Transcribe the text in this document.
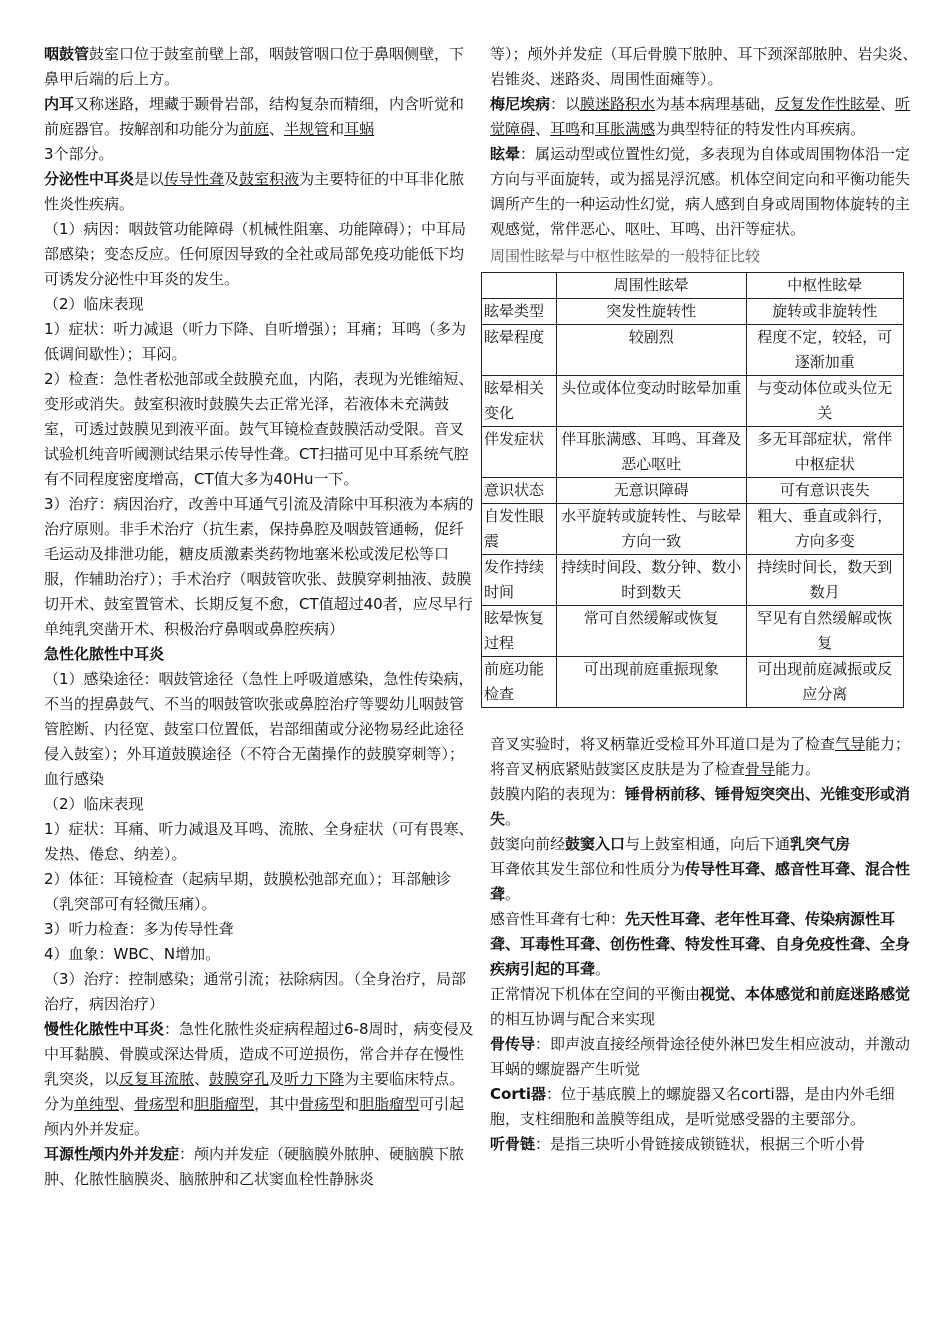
咽鼓管鼓室口位于鼓室前壁上部，咽鼓管咽口位于鼻咽侧壁，下鼻甲后端的后上方。

内耳又称迷路，埋藏于颞骨岩部，结构复杂而精细，内含听觉和前庭器官。按解剖和功能分为前庭、半规管和耳蜗
3个部分。

分泌性中耳炎是以传导性聋及鼓室积液为主要特征的中耳非化脓性炎性疾病。

（1）病因：咽鼓管功能障碍（机械性阻塞、功能障碍）；中耳局部感染；变态反应。任何原因导致的全社或局部免疫功能低下均可诱发分泌性中耳炎的发生。

（2）临床表现

1）症状：听力减退（听力下降、自听增强）；耳痛；耳鸣（多为低调间歇性）；耳闷。

2）检查：急性者松弛部或全鼓膜充血，内陷，表现为光锥缩短、变形或消失。鼓室积液时鼓膜失去正常光泽，若液体未充满鼓室，可透过鼓膜见到液平面。鼓气耳镜检查鼓膜活动受限。音叉试验机纯音听阈测试结果示传导性聋。CT扫描可见中耳系统气腔有不同程度密度增高，CT值大多为40Hu一下。

3）治疗：病因治疗，改善中耳通气引流及清除中耳积液为本病的治疗原则。非手术治疗（抗生素，保持鼻腔及咽鼓管通畅，促纤毛运动及排泄功能，糖皮质激素类药物地塞米松或泼尼松等口服，作辅助治疗）；手术治疗（咽鼓管吹张、鼓膜穿刺抽液、鼓膜切开术、鼓室置管术、长期反复不愈，CT值超过40者，应尽早行单纯乳突凿开术、积极治疗鼻咽或鼻腔疾病）

急性化脓性中耳炎

（1）感染途径：咽鼓管途径（急性上呼吸道感染，急性传染病，不当的捏鼻鼓气、不当的咽鼓管吹张或鼻腔治疗等婴幼儿咽鼓管管腔断、内径宽、鼓室口位置低，岩部细菌或分泌物易经此途径侵入鼓室）；外耳道鼓膜途径（不符合无菌操作的鼓膜穿刺等）；血行感染

（2）临床表现

1）症状：耳痛、听力减退及耳鸣、流脓、全身症状（可有畏寒、发热、倦怠、纳差）。

2）体征：耳镜检查（起病早期，鼓膜松弛部充血）；耳部触诊（乳突部可有轻微压痛）。

3）听力检查：多为传导性聋

4）血象：WBC、N增加。

（3）治疗：控制感染；通常引流；祛除病因。（全身治疗，局部治疗，病因治疗）

慢性化脓性中耳炎：急性化脓性炎症病程超过6-8周时，病变侵及中耳黏膜、骨膜或深达骨质，造成不可逆损伤，常合并存在慢性乳突炎，以反复耳流脓、鼓膜穿孔及听力下降为主要临床特点。分为单纯型、骨疡型和胆脂瘤型，其中骨疡型和胆脂瘤型可引起颅内外并发症。

耳源性颅内外并发症：颅内并发症（硬脑膜外脓肿、硬脑膜下脓肿、化脓性脑膜炎、脑脓肿和乙状窦血栓性静脉炎

等）；颅外并发症（耳后骨膜下脓肿、耳下颈深部脓肿、岩尖炎、岩锥炎、迷路炎、周围性面瘫等）。

梅尼埃病：以膜迷路积水为基本病理基础，反复发作性眩晕、听觉障碍、耳鸣和耳胀满感为典型特征的特发性内耳疾病。

眩晕：属运动型或位置性幻觉，多表现为自体或周围物体沿一定方向与平面旋转，或为摇晃浮沉感。机体空间定向和平衡功能失调所产生的一种运动性幻觉，病人感到自身或周围物体旋转的主观感觉，常伴恶心、呕吐、耳鸣、出汗等症状。

周围性眩晕与中枢性眩晕的一般特征比较
	周围性眩晕	中枢性眩晕
眩晕类型	突发性旋转性	旋转或非旋转性
眩晕程度	较剧烈	程度不定，较轻，可逐渐加重
眩晕相关变化	头位或体位变动时眩晕加重	与变动体位或头位无关
伴发症状	伴耳胀满感、耳鸣、耳聋及恶心呕吐	多无耳部症状，常伴中枢症状
意识状态	无意识障碍	可有意识丧失
自发性眼震	水平旋转或旋转性、与眩晕方向一致	粗大、垂直或斜行，方向多变
发作持续时间	持续时间段、数分钟、数小时到数天	持续时间长，数天到数月
眩晕恢复过程	常可自然缓解或恢复	罕见有自然缓解或恢复
前庭功能检查	可出现前庭重振现象	可出现前庭减振或反应分离

音叉实验时，将叉柄靠近受检耳外耳道口是为了检查气导能力；将音叉柄底紧贴鼓窦区皮肤是为了检查骨导能力。

鼓膜内陷的表现为：锤骨柄前移、锤骨短突突出、光锥变形或消失。

鼓窦向前经鼓窦入口与上鼓室相通，向后下通乳突气房

耳聋依其发生部位和性质分为传导性耳聋、感音性耳聋、混合性聋。

感音性耳聋有七种：先天性耳聋、老年性耳聋、传染病源性耳聋、耳毒性耳聋、创伤性聋、特发性耳聋、自身免疫性聋、全身疾病引起的耳聋。

正常情况下机体在空间的平衡由视觉、本体感觉和前庭迷路感觉的相互协调与配合来实现

骨传导：即声波直接经颅骨途径使外淋巴发生相应波动，并激动耳蜗的螺旋器产生听觉

Corti器：位于基底膜上的螺旋器又名corti器，是由内外毛细胞，支柱细胞和盖膜等组成，是听觉感受器的主要部分。

听骨链：是指三块听小骨链接成锁链状，根据三个听小骨
